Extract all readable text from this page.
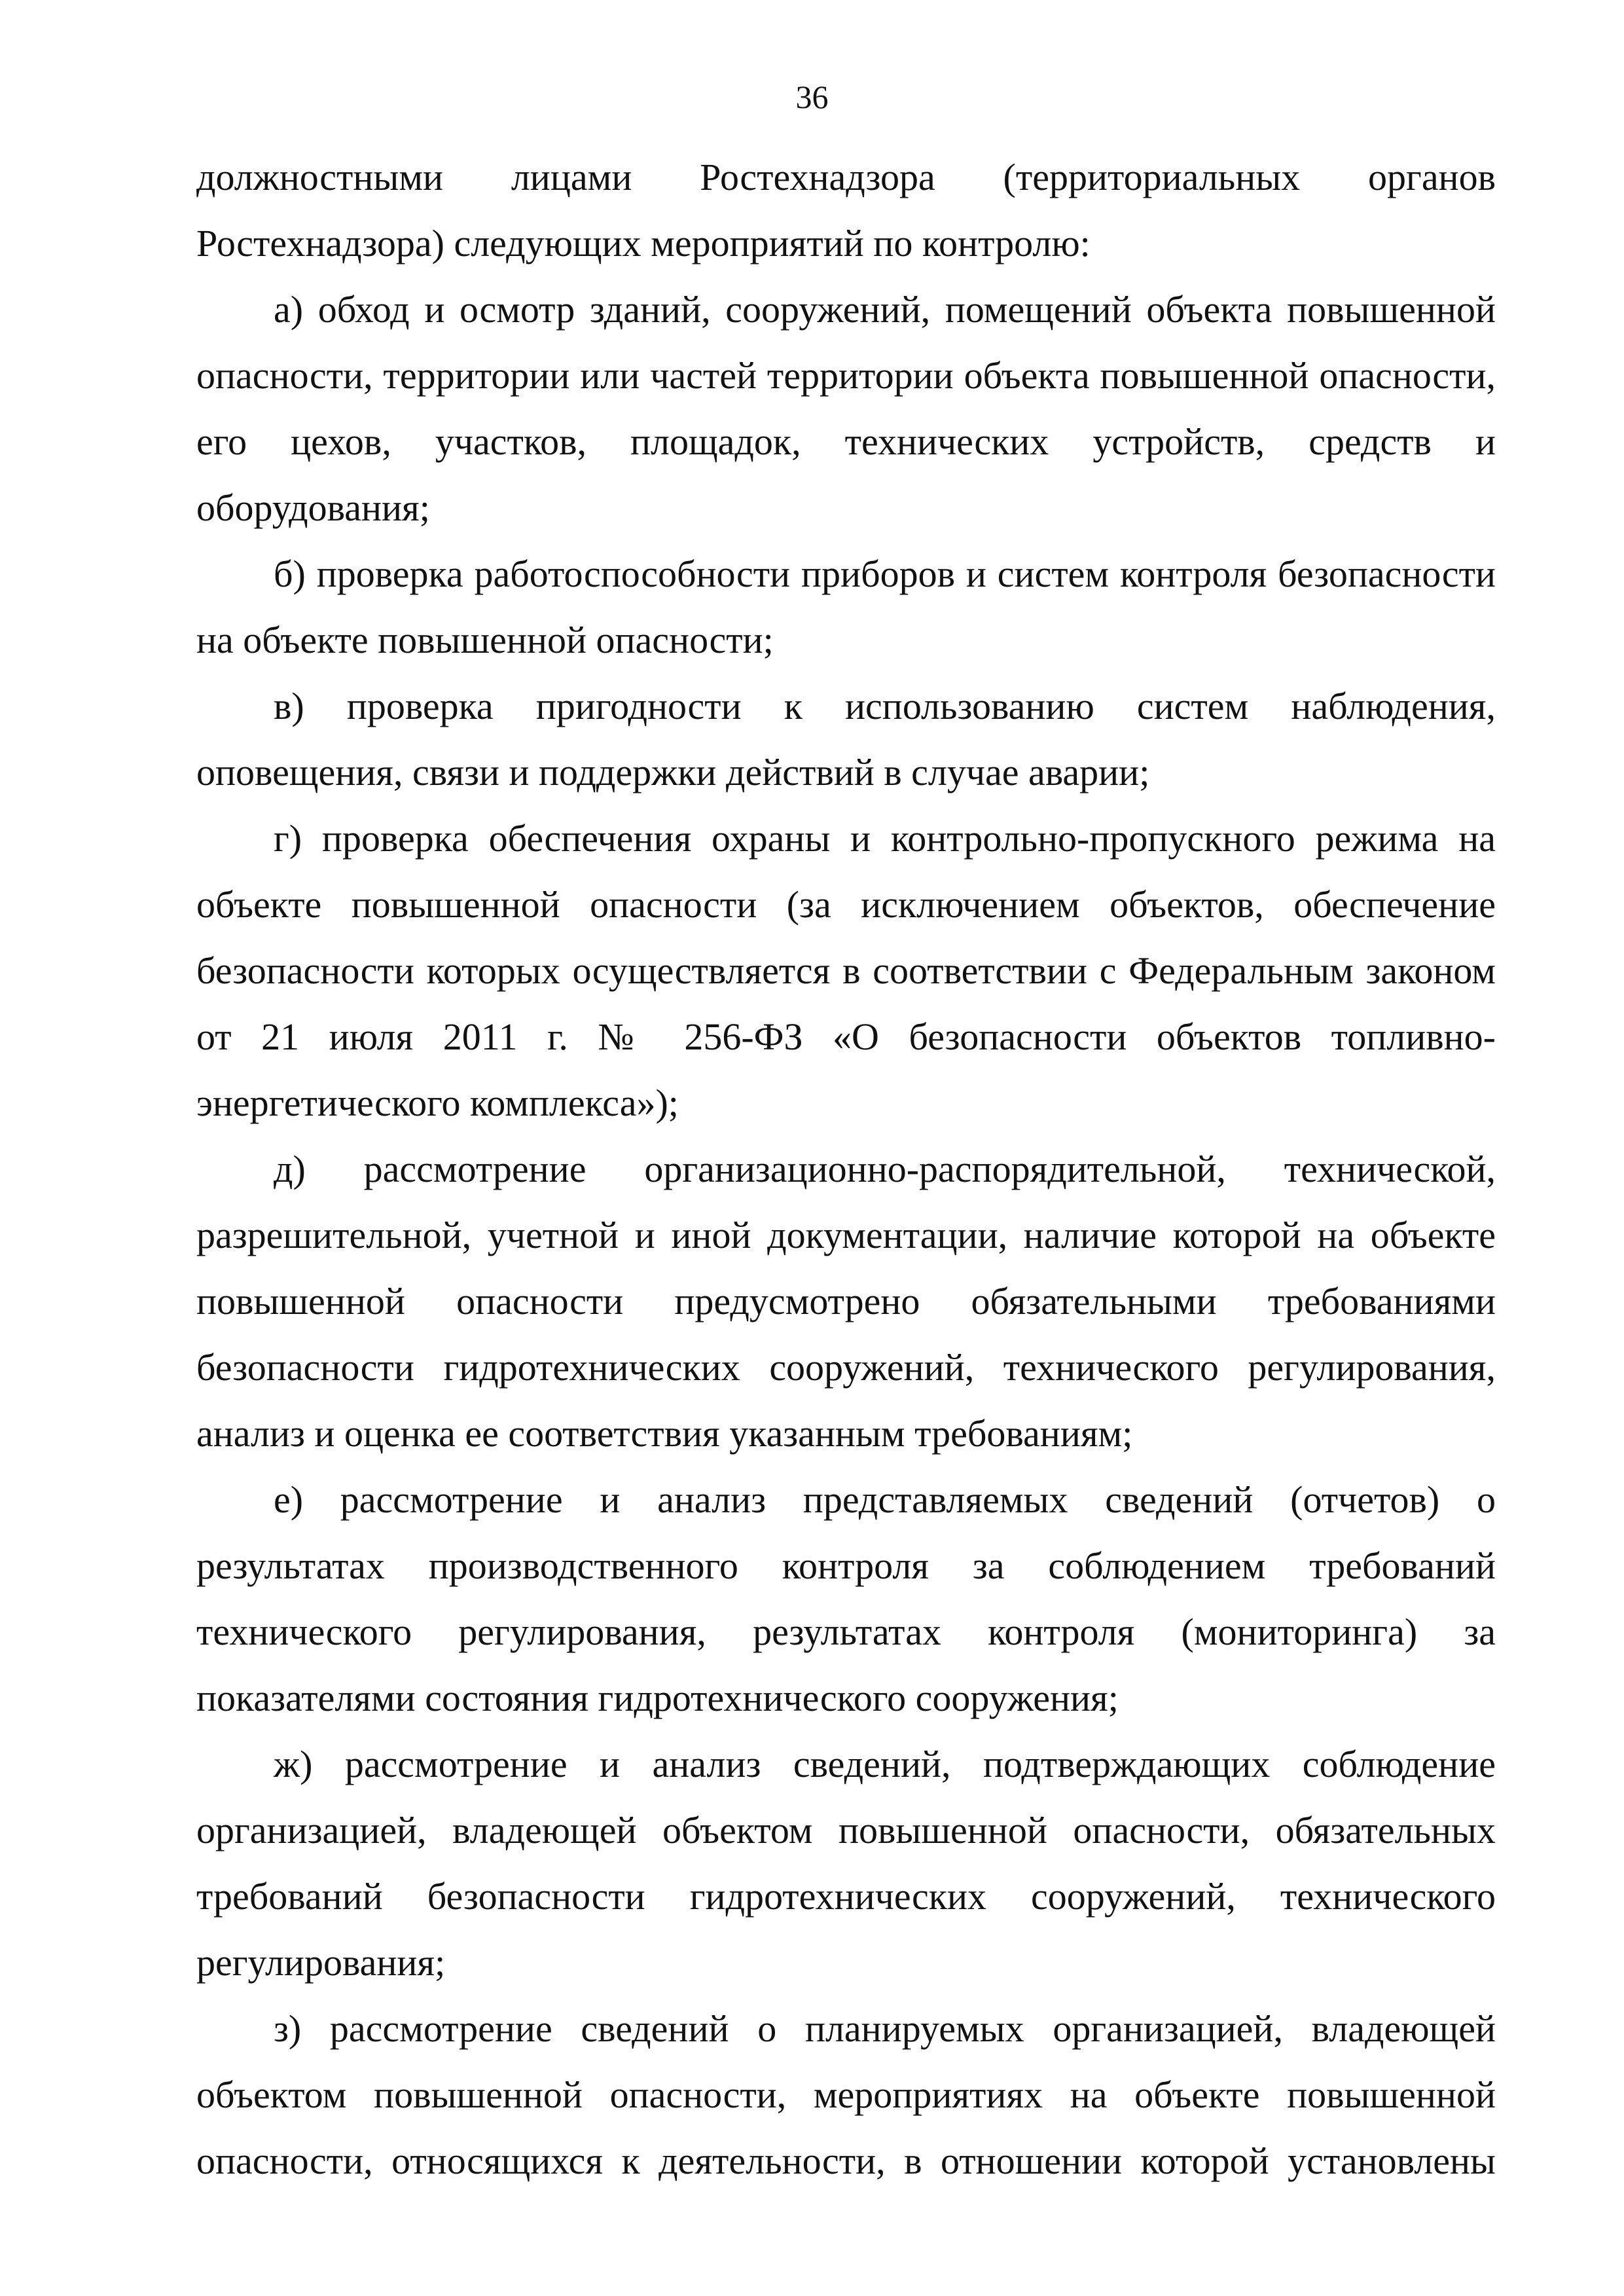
36

должностными лицами Ростехнадзора (территориальных органов Ростехнадзора) следующих мероприятий по контролю:

а) обход и осмотр зданий, сооружений, помещений объекта повышенной опасности, территории или частей территории объекта повышенной опасности, его цехов, участков, площадок, технических устройств, средств и оборудования;

б) проверка работоспособности приборов и систем контроля безопасности на объекте повышенной опасности;

в) проверка пригодности к использованию систем наблюдения, оповещения, связи и поддержки действий в случае аварии;

г) проверка обеспечения охраны и контрольно-пропускного режима на объекте повышенной опасности (за исключением объектов, обеспечение безопасности которых осуществляется в соответствии с Федеральным законом от 21 июля 2011 г. № 256-ФЗ «О безопасности объектов топливно-энергетического комплекса»);

д) рассмотрение организационно-распорядительной, технической, разрешительной, учетной и иной документации, наличие которой на объекте повышенной опасности предусмотрено обязательными требованиями безопасности гидротехнических сооружений, технического регулирования, анализ и оценка ее соответствия указанным требованиям;

е) рассмотрение и анализ представляемых сведений (отчетов) о результатах производственного контроля за соблюдением требований технического регулирования, результатах контроля (мониторинга) за показателями состояния гидротехнического сооружения;

ж) рассмотрение и анализ сведений, подтверждающих соблюдение организацией, владеющей объектом повышенной опасности, обязательных требований безопасности гидротехнических сооружений, технического регулирования;

з) рассмотрение сведений о планируемых организацией, владеющей объектом повышенной опасности, мероприятиях на объекте повышенной опасности, относящихся к деятельности, в отношении которой установлены
